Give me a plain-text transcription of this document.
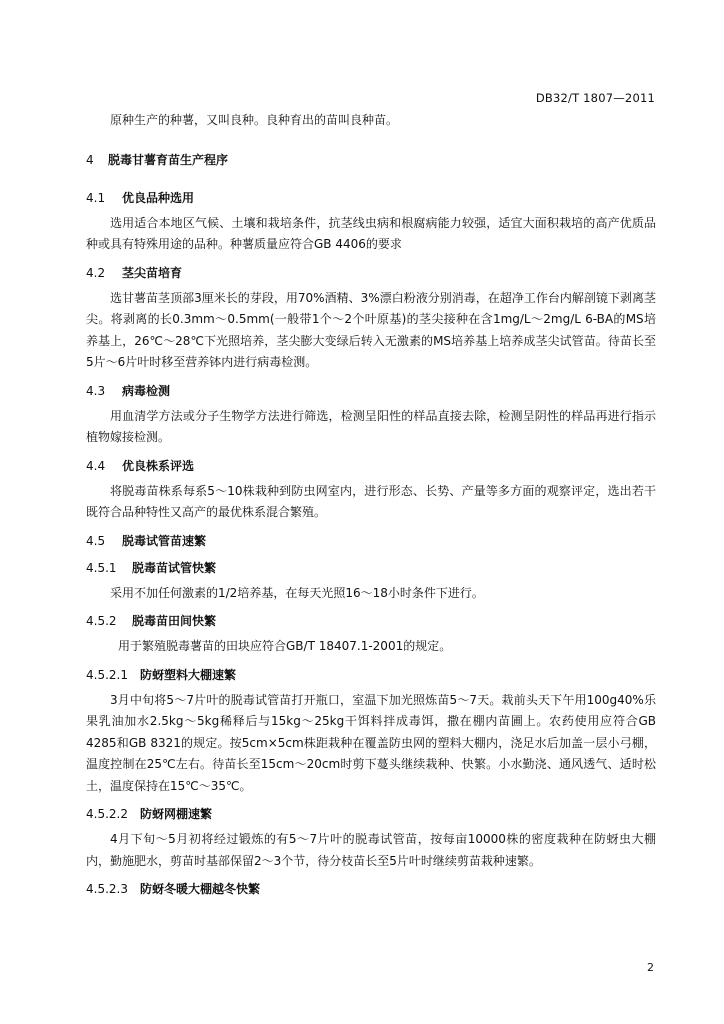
DB32/T 1807—2011

原种生产的种薯，又叫良种。良种育出的苗叫良种苗。

4 脱毒甘薯育苗生产程序
4.1 优良品种选用

选用适合本地区气候、土壤和栽培条件，抗茎线虫病和根腐病能力较强，适宜大面积栽培的高产优质品种或具有特殊用途的品种。种薯质量应符合GB 4406的要求

4.2 茎尖苗培育

选甘薯苗茎顶部3厘米长的芽段，用70%酒精、3%漂白粉液分别消毒，在超净工作台内解剖镜下剥离茎尖。将剥离的长0.3mm～0.5mm(一般带1个～2个叶原基)的茎尖接种在含1mg/L～2mg/L 6-BA的MS培养基上，26℃～28℃下光照培养，茎尖膨大变绿后转入无激素的MS培养基上培养成茎尖试管苗。待苗长至5片～6片叶时移至营养钵内进行病毒检测。

4.3 病毒检测

用血清学方法或分子生物学方法进行筛选，检测呈阳性的样品直接去除，检测呈阴性的样品再进行指示植物嫁接检测。

4.4 优良株系评选

将脱毒苗株系每系5～10株栽种到防虫网室内，进行形态、长势、产量等多方面的观察评定，选出若干既符合品种特性又高产的最优株系混合繁殖。

4.5 脱毒试管苗速繁
4.5.1 脱毒苗试管快繁

采用不加任何激素的1/2培养基，在每天光照16～18小时条件下进行。

4.5.2 脱毒苗田间快繁

用于繁殖脱毒薯苗的田块应符合GB/T 18407.1-2001的规定。

4.5.2.1 防蚜塑料大棚速繁

3月中旬将5～7片叶的脱毒试管苗打开瓶口，室温下加光照炼苗5～7天。栽前头天下午用100g40%乐果乳油加水2.5kg～5kg稀释后与15kg～25kg干饵料拌成毒饵，撒在棚内苗圃上。农药使用应符合GB 4285和GB 8321的规定。按5cm×5cm株距栽种在覆盖防虫网的塑料大棚内，浇足水后加盖一层小弓棚，温度控制在25℃左右。待苗长至15cm～20cm时剪下蔓头继续栽种、快繁。小水勤浇、通风透气、适时松土，温度保持在15℃～35℃。

4.5.2.2 防蚜网棚速繁

4月下旬～5月初将经过锻炼的有5～7片叶的脱毒试管苗，按每亩10000株的密度栽种在防蚜虫大棚内，勤施肥水，剪苗时基部保留2～3个节，待分枝苗长至5片叶时继续剪苗栽种速繁。

4.5.2.3 防蚜冬暖大棚越冬快繁
2
